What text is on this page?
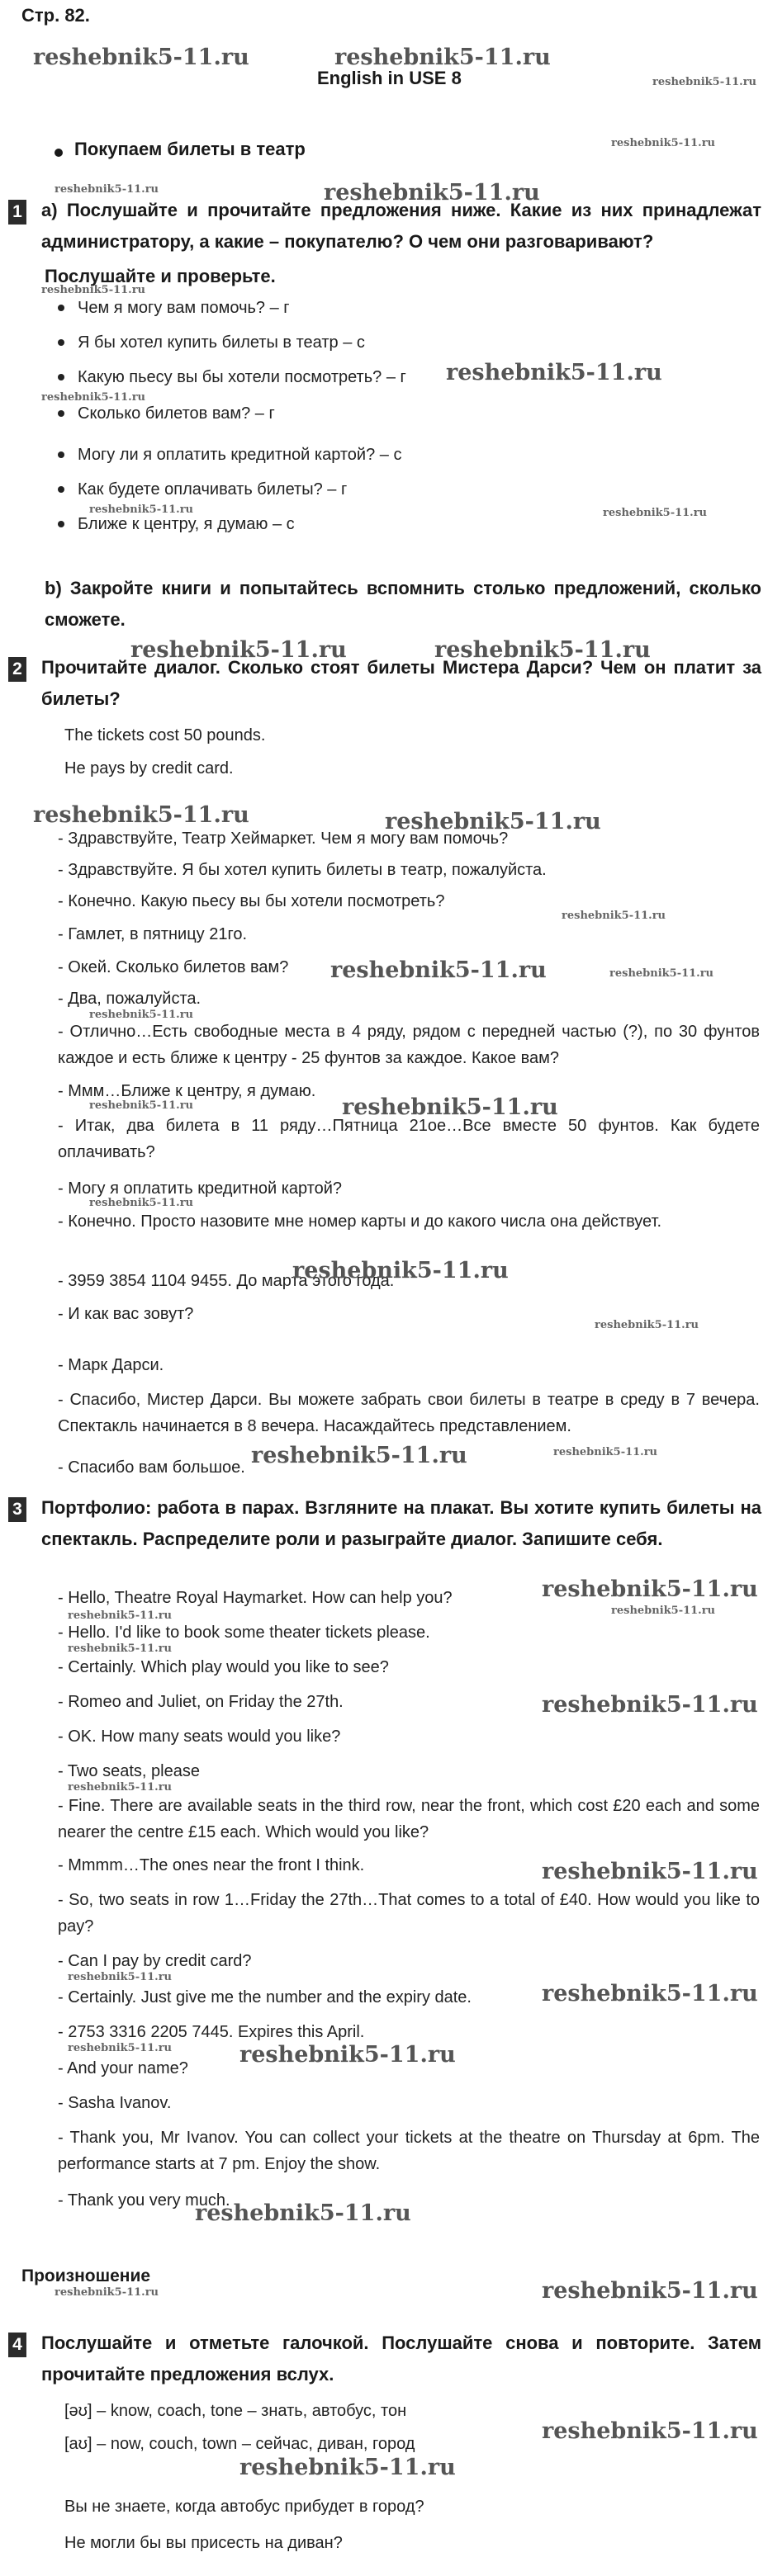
Стр. 82.
reshebnik5-11.ru	reshebnik5-11.ru
English in USE 8	reshebnik5-11.ru
Покупаем билеты в театр	reshebnik5-11.ru
reshebnik5-11.ru	reshebnik5-11.ru
1 a) Послушайте и прочитайте предложения ниже. Какие из них принадлежат администратору, а какие – покупателю? О чем они разговаривают?
Послушайте и проверьте.
reshebnik5-11.ru
Чем я могу вам помочь? – г
Я бы хотел купить билеты в театр – с
Какую пьесу вы бы хотели посмотреть? – г reshebnik5-11.ru
reshebnik5-11.ru
Сколько билетов вам? – г
Могу ли я оплатить кредитной картой? – с
Как будете оплачивать билеты? – г
reshebnik5-11.ru
Ближе к центру, я думаю – с
reshebnik5-11.ru
b) Закройте книги и попытайтесь вспомнить столько предложений, сколько сможете.
reshebnik5-11.ru	reshebnik5-11.ru
2 Прочитайте диалог. Сколько стоят билеты Мистера Дарси? Чем он платит за билеты?
The tickets cost 50 pounds.
He pays by credit card.
reshebnik5-11.ru	reshebnik5-11.ru
- Здравствуйте, Театр Хеймаркет. Чем я могу вам помочь?
- Здравствуйте. Я бы хотел купить билеты в театр, пожалуйста.
- Конечно. Какую пьесу вы бы хотели посмотреть?
reshebnik5-11.ru
- Гамлет, в пятницу 21го.
- Окей. Сколько билетов вам?	reshebnik5-11.ru	reshebnik5-11.ru
- Два, пожалуйста.
reshebnik5-11.ru
- Отлично…Есть свободные места в 4 ряду, рядом с передней частью (?), по 30 фунтов каждое и есть ближе к центру - 25 фунтов за каждое. Какое вам?
- Ммм…Ближе к центру, я думаю.
reshebnik5-11.ru	reshebnik5-11.ru
- Итак, два билета в 11 ряду…Пятница 21ое…Все вместе 50 фунтов. Как будете оплачивать?
- Могу я оплатить кредитной картой?
reshebnik5-11.ru
- Конечно. Просто назовите мне номер карты и до какого числа она действует.
- 3959 3854 1104 9455. До марта этого года.
reshebnik5-11.ru
- И как вас зовут?
reshebnik5-11.ru
- Марк Дарси.
- Спасибо, Мистер Дарси. Вы можете забрать свои билеты в театре в среду в 7 вечера. Спектакль начинается в 8 вечера. Насаждайтесь представлением.
reshebnik5-11.ru	reshebnik5-11.ru
- Спасибо вам большое.
3 Портфолио: работа в парах. Взгляните на плакат. Вы хотите купить билеты на спектакль. Распределите роли и разыграйте диалог. Запишите себя.
reshebnik5-11.ru
- Hello, Theatre Royal Haymarket. How can help you?
reshebnik5-11.ru	reshebnik5-11.ru
- Hello. I'd like to book some theater tickets please.
reshebnik5-11.ru
- Certainly. Which play would you like to see?
- Romeo and Juliet, on Friday the 27th.	reshebnik5-11.ru
- OK. How many seats would you like?
- Two seats, please
reshebnik5-11.ru
- Fine. There are available seats in the third row, near the front, which cost £20 each and some nearer the centre £15 each. Which would you like?
- Mmmm…The ones near the front I think.	reshebnik5-11.ru
- So, two seats in row 1…Friday the 27th…That comes to a total of £40. How would you like to pay?
- Can I pay by credit card?
reshebnik5-11.ru
- Certainly. Just give me the number and the expiry date.	reshebnik5-11.ru
- 2753 3316 2205 7445. Expires this April.
reshebnik5-11.ru	reshebnik5-11.ru
- And your name?
- Sasha Ivanov.
- Thank you, Mr Ivanov. You can collect your tickets at the theatre on Thursday at 6pm. The performance starts at 7 pm. Enjoy the show.
- Thank you very much.
reshebnik5-11.ru
Произношение
reshebnik5-11.ru	reshebnik5-11.ru
4 Послушайте и отметьте галочкой. Послушайте снова и повторите. Затем прочитайте предложения вслух.
[əʊ] – know, coach, tone – знать, автобус, тон
[aʊ] – now, couch, town – сейчас, диван, город	reshebnik5-11.ru
reshebnik5-11.ru
Вы не знаете, когда автобус прибудет в город?
Не могли бы вы присесть на диван?
